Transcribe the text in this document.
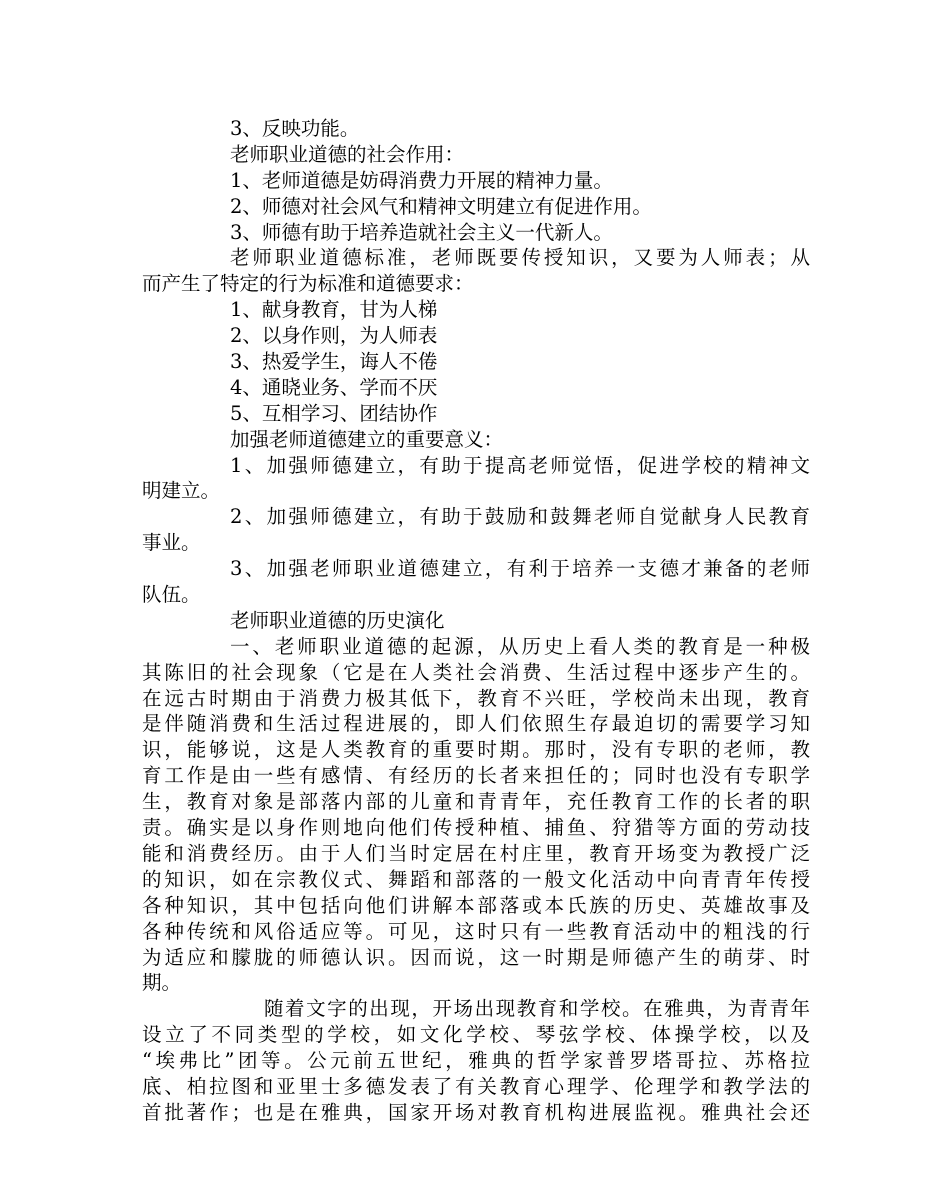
3、反映功能。
老师职业道德的社会作用：
1、老师道德是妨碍消费力开展的精神力量。
2、师德对社会风气和精神文明建立有促进作用。
3、师德有助于培养造就社会主义一代新人。
老师职业道德标准，老师既要传授知识，又要为人师表；从
而产生了特定的行为标准和道德要求：
1、献身教育，甘为人梯
2、以身作则，为人师表
3、热爱学生，诲人不倦
4、通晓业务、学而不厌
5、互相学习、团结协作
加强老师道德建立的重要意义：
1、加强师德建立，有助于提高老师觉悟，促进学校的精神文
明建立。
2、加强师德建立，有助于鼓励和鼓舞老师自觉献身人民教育
事业。
3、加强老师职业道德建立，有利于培养一支德才兼备的老师
队伍。
老师职业道德的历史演化
一、老师职业道德的起源，从历史上看人类的教育是一种极
其陈旧的社会现象（它是在人类社会消费、生活过程中逐步产生的。
在远古时期由于消费力极其低下，教育不兴旺，学校尚未出现，教育
是伴随消费和生活过程进展的，即人们依照生存最迫切的需要学习知
识，能够说，这是人类教育的重要时期。那时，没有专职的老师，教
育工作是由一些有感情、有经历的长者来担任的；同时也没有专职学
生，教育对象是部落内部的儿童和青青年，充任教育工作的长者的职
责。确实是以身作则地向他们传授种植、捕鱼、狩猎等方面的劳动技
能和消费经历。由于人们当时定居在村庄里，教育开场变为教授广泛
的知识，如在宗教仪式、舞蹈和部落的一般文化活动中向青青年传授
各种知识，其中包括向他们讲解本部落或本氏族的历史、英雄故事及
各种传统和风俗适应等。可见，这时只有一些教育活动中的粗浅的行
为适应和朦胧的师德认识。因而说，这一时期是师德产生的萌芽、时
期。
随着文字的出现，开场出现教育和学校。在雅典，为青青年
设立了不同类型的学校，如文化学校、琴弦学校、体操学校，以及
“埃弗比”团等。公元前五世纪，雅典的哲学家普罗塔哥拉、苏格拉
底、柏拉图和亚里士多德发表了有关教育心理学、伦理学和教学法的
首批著作；也是在雅典，国家开场对教育机构进展监视。雅典社会还
